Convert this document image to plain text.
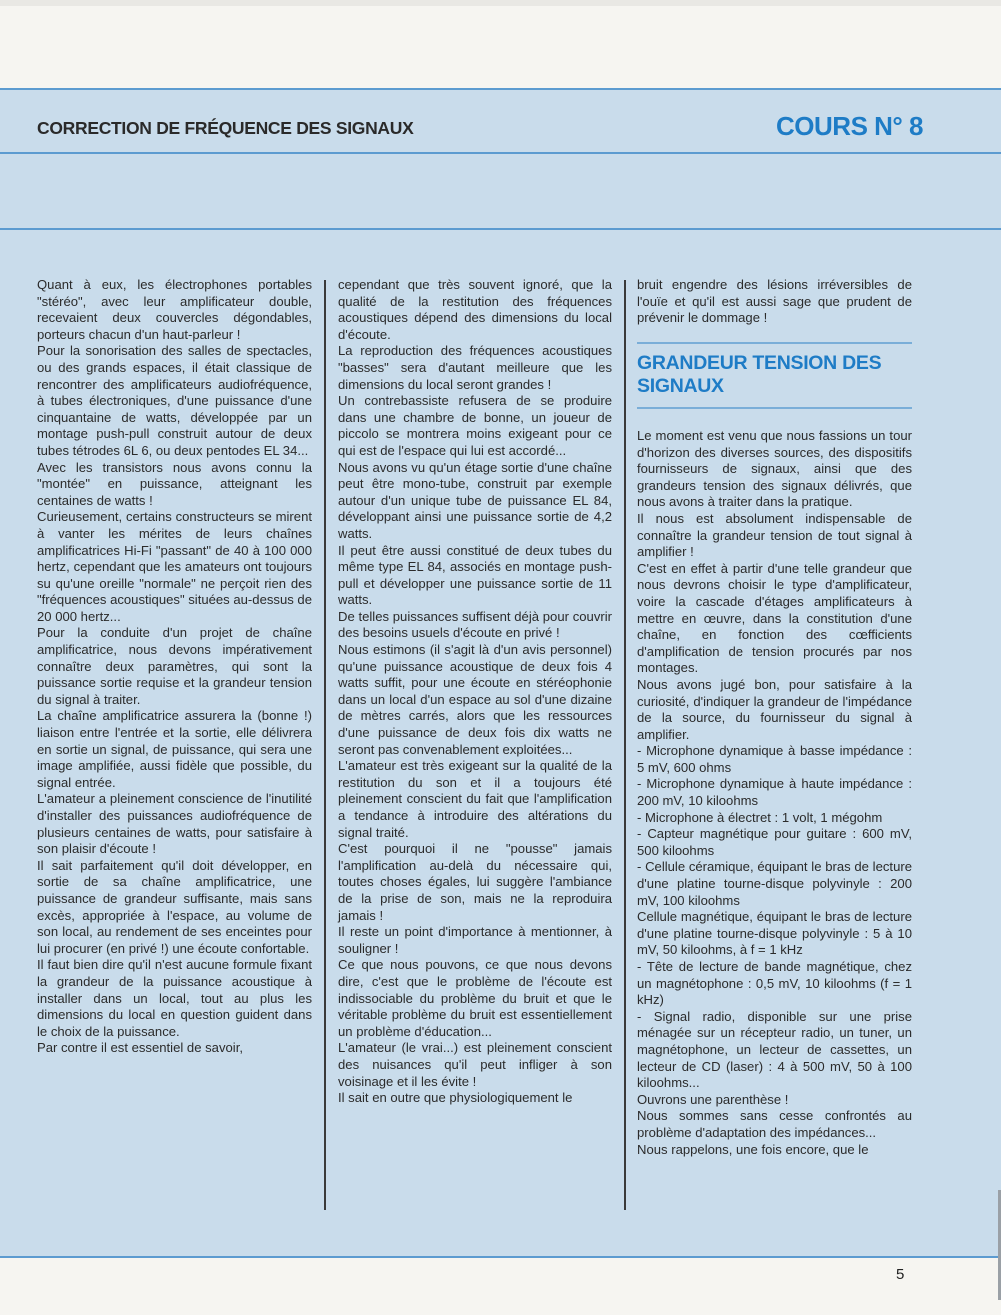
CORRECTION DE FRÉQUENCE DES SIGNAUX	COURS N° 8

Quant à eux, les électrophones portables "stéréo", avec leur amplificateur double, recevaient deux couvercles dégondables, porteurs chacun d'un haut-parleur !

Pour la sonorisation des salles de spectacles, ou des grands espaces, il était classique de rencontrer des amplificateurs audiofréquence, à tubes électroniques, d'une puissance d'une cinquantaine de watts, développée par un montage push-pull construit autour de deux tubes tétrodes 6L 6, ou deux pentodes EL 34...

Avec les transistors nous avons connu la "montée" en puissance, atteignant les centaines de watts !

Curieusement, certains constructeurs se mirent à vanter les mérites de leurs chaînes amplificatrices Hi-Fi "passant" de 40 à 100 000 hertz, cependant que les amateurs ont toujours su qu'une oreille "normale" ne perçoit rien des "fréquences acoustiques" situées au-dessus de 20 000 hertz...

Pour la conduite d'un projet de chaîne amplificatrice, nous devons impérativement connaître deux paramètres, qui sont la puissance sortie requise et la grandeur tension du signal à traiter.

La chaîne amplificatrice assurera la (bonne !) liaison entre l'entrée et la sortie, elle délivrera en sortie un signal, de puissance, qui sera une image amplifiée, aussi fidèle que possible, du signal entrée.

L'amateur a pleinement conscience de l'inutilité d'installer des puissances audiofréquence de plusieurs centaines de watts, pour satisfaire à son plaisir d'écoute !

Il sait parfaitement qu'il doit développer, en sortie de sa chaîne amplificatrice, une puissance de grandeur suffisante, mais sans excès, appropriée à l'espace, au volume de son local, au rendement de ses enceintes pour lui procurer (en privé !) une écoute confortable.

Il faut bien dire qu'il n'est aucune formule fixant la grandeur de la puissance acoustique à installer dans un local, tout au plus les dimensions du local en question guident dans le choix de la puissance.

Par contre il est essentiel de savoir,

cependant que très souvent ignoré, que la qualité de la restitution des fréquences acoustiques dépend des dimensions du local d'écoute.

La reproduction des fréquences acoustiques "basses" sera d'autant meilleure que les dimensions du local seront grandes !

Un contrebassiste refusera de se produire dans une chambre de bonne, un joueur de piccolo se montrera moins exigeant pour ce qui est de l'espace qui lui est accordé...

Nous avons vu qu'un étage sortie d'une chaîne peut être mono-tube, construit par exemple autour d'un unique tube de puissance EL 84, développant ainsi une puissance sortie de 4,2 watts.

Il peut être aussi constitué de deux tubes du même type EL 84, associés en montage push-pull et développer une puissance sortie de 11 watts.

De telles puissances suffisent déjà pour couvrir des besoins usuels d'écoute en privé !

Nous estimons (il s'agit là d'un avis personnel) qu'une puissance acoustique de deux fois 4 watts suffit, pour une écoute en stéréophonie dans un local d'un espace au sol d'une dizaine de mètres carrés, alors que les ressources d'une puissance de deux fois dix watts ne seront pas convenablement exploitées...

L'amateur est très exigeant sur la qualité de la restitution du son et il a toujours été pleinement conscient du fait que l'amplification a tendance à introduire des altérations du signal traité.

C'est pourquoi il ne "pousse" jamais l'amplification au-delà du nécessaire qui, toutes choses égales, lui suggère l'ambiance de la prise de son, mais ne la reproduira jamais !

Il reste un point d'importance à mentionner, à souligner !

Ce que nous pouvons, ce que nous devons dire, c'est que le problème de l'écoute est indissociable du problème du bruit et que le véritable problème du bruit est essentiellement un problème d'éducation...

L'amateur (le vrai...) est pleinement conscient des nuisances qu'il peut infliger à son voisinage et il les évite !

Il sait en outre que physiologiquement le

bruit engendre des lésions irréversibles de l'ouïe et qu'il est aussi sage que prudent de prévenir le dommage !

GRANDEUR TENSION DES SIGNAUX

Le moment est venu que nous fassions un tour d'horizon des diverses sources, des dispositifs fournisseurs de signaux, ainsi que des grandeurs tension des signaux délivrés, que nous avons à traiter dans la pratique.

Il nous est absolument indispensable de connaître la grandeur tension de tout signal à amplifier !

C'est en effet à partir d'une telle grandeur que nous devrons choisir le type d'amplificateur, voire la cascade d'étages amplificateurs à mettre en œuvre, dans la constitution d'une chaîne, en fonction des cœfficients d'amplification de tension procurés par nos montages.

Nous avons jugé bon, pour satisfaire à la curiosité, d'indiquer la grandeur de l'impédance de la source, du fournisseur du signal à amplifier.

- Microphone dynamique à basse impédance : 5 mV, 600 ohms

- Microphone dynamique à haute impédance : 200 mV, 10 kiloohms

- Microphone à électret : 1 volt, 1 mégohm

- Capteur magnétique pour guitare : 600 mV, 500 kiloohms

- Cellule céramique, équipant le bras de lecture d'une platine tourne-disque polyvinyle : 200 mV, 100 kiloohms

Cellule magnétique, équipant le bras de lecture d'une platine tourne-disque polyvinyle : 5 à 10 mV, 50 kiloohms, à f = 1 kHz

- Tête de lecture de bande magnétique, chez un magnétophone : 0,5 mV, 10 kiloohms (f = 1 kHz)

- Signal radio, disponible sur une prise ménagée sur un récepteur radio, un tuner, un magnétophone, un lecteur de cassettes, un lecteur de CD (laser) : 4 à 500 mV, 50 à 100 kiloohms...

Ouvrons une parenthèse !

Nous sommes sans cesse confrontés au problème d'adaptation des impédances...

Nous rappelons, une fois encore, que le

5
